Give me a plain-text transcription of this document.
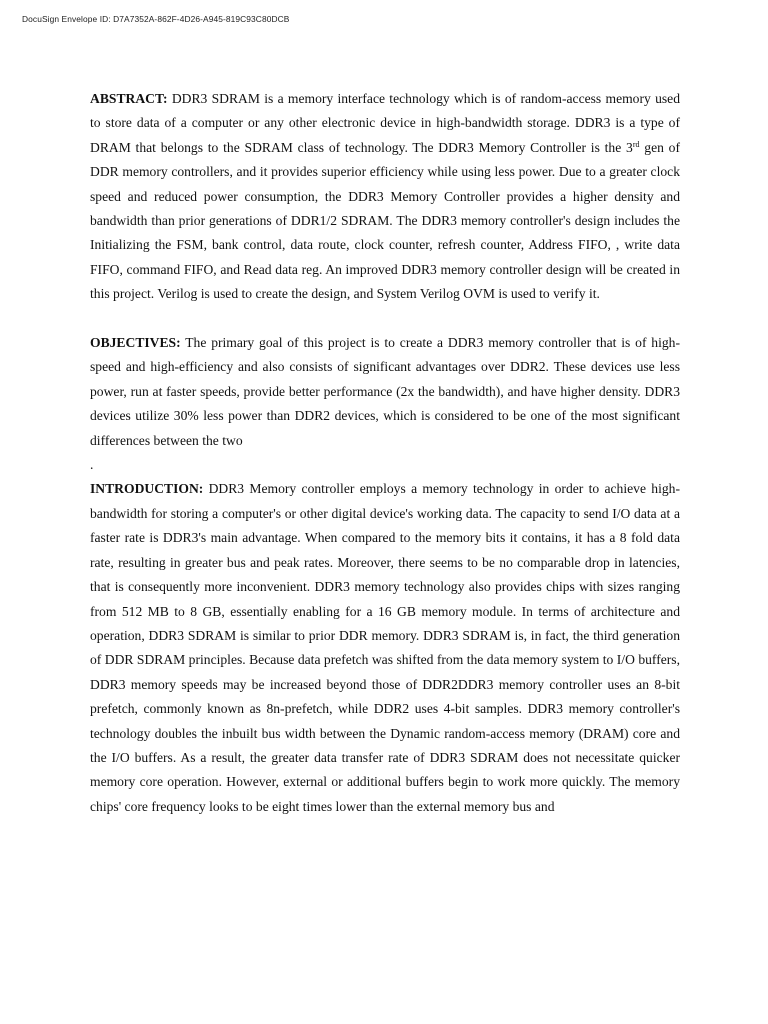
DocuSign Envelope ID: D7A7352A-862F-4D26-A945-819C93C80DCB

ABSTRACT: DDR3 SDRAM is a memory interface technology which is of random-access memory used to store data of a computer or any other electronic device in high-bandwidth storage. DDR3 is a type of DRAM that belongs to the SDRAM class of technology. The DDR3 Memory Controller is the 3rd gen of DDR memory controllers, and it provides superior efficiency while using less power. Due to a greater clock speed and reduced power consumption, the DDR3 Memory Controller provides a higher density and bandwidth than prior generations of DDR1/2 SDRAM. The DDR3 memory controller's design includes the Initializing the FSM, bank control, data route, clock counter, refresh counter, Address FIFO, , write data FIFO, command FIFO, and Read data reg. An improved DDR3 memory controller design will be created in this project. Verilog is used to create the design, and System Verilog OVM is used to verify it.

OBJECTIVES: The primary goal of this project is to create a DDR3 memory controller that is of high-speed and high-efficiency and also consists of significant advantages over DDR2. These devices use less power, run at faster speeds, provide better performance (2x the bandwidth), and have higher density. DDR3 devices utilize 30% less power than DDR2 devices, which is considered to be one of the most significant differences between the two

.

INTRODUCTION: DDR3 Memory controller employs a memory technology in order to achieve high-bandwidth for storing a computer's or other digital device's working data. The capacity to send I/O data at a faster rate is DDR3's main advantage. When compared to the memory bits it contains, it has a 8 fold data rate, resulting in greater bus and peak rates. Moreover, there seems to be no comparable drop in latencies, that is consequently more inconvenient. DDR3 memory technology also provides chips with sizes ranging from 512 MB to 8 GB, essentially enabling for a 16 GB memory module. In terms of architecture and operation, DDR3 SDRAM is similar to prior DDR memory. DDR3 SDRAM is, in fact, the third generation of DDR SDRAM principles. Because data prefetch was shifted from the data memory system to I/O buffers, DDR3 memory speeds may be increased beyond those of DDR2DDR3 memory controller uses an 8-bit prefetch, commonly known as 8n-prefetch, while DDR2 uses 4-bit samples. DDR3 memory controller's technology doubles the inbuilt bus width between the Dynamic random-access memory (DRAM) core and the I/O buffers. As a result, the greater data transfer rate of DDR3 SDRAM does not necessitate quicker memory core operation. However, external or additional buffers begin to work more quickly. The memory chips' core frequency looks to be eight times lower than the external memory bus and
